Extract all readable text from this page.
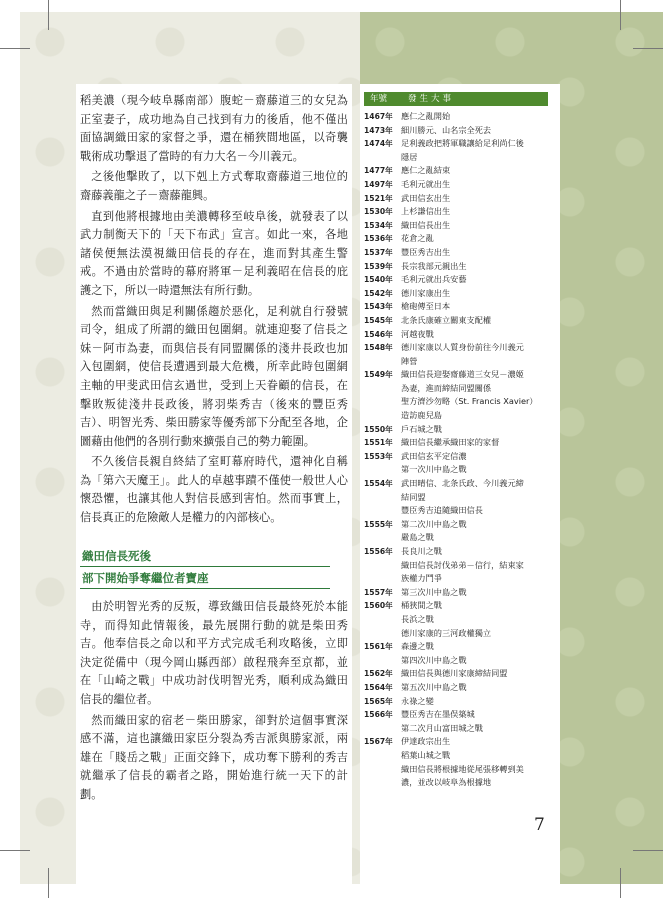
稻美濃（現今岐阜縣南部）腹蛇－齋藤道三的女兒為正室妻子，成功地為自己找到有力的後盾，他不僅出面協調織田家的家督之爭，還在桶狹間地區，以奇襲戰術成功擊退了當時的有力大名－今川義元。

之後他擊敗了，以下剋上方式奪取齋藤道三地位的齋藤義龍之子－齋藤龍興。

直到他將根據地由美濃轉移至岐阜後，就發表了以武力制衡天下的「天下布武」宣言。如此一來，各地諸侯便無法漠視織田信長的存在，進而對其產生警戒。不過由於當時的幕府將軍－足利義昭在信長的庇護之下，所以一時還無法有所行動。

然而當織田與足利關係趨於惡化，足利就自行發號司令，組成了所謂的織田包圍網。就連迎娶了信長之妹－阿市為妻，而與信長有同盟關係的淺井長政也加入包圍網，使信長遭遇到最大危機，所幸此時包圍網主軸的甲斐武田信玄過世，受到上天眷顧的信長，在擊敗叛徒淺井長政後，將羽柴秀吉（後來的豐臣秀吉）、明智光秀、柴田勝家等優秀部下分配至各地，企圖藉由他們的各別行動來擴張自己的勢力範圍。

不久後信長親自終結了室町幕府時代，還神化自稱為「第六天魔王」。此人的卓越事蹟不僅使一般世人心懷恐懼，也讓其他人對信長感到害怕。然而事實上，信長真正的危險敵人是權力的內部核心。

織田信長死後
部下開始爭奪繼位者寶座

由於明智光秀的反叛，導致織田信長最終死於本能寺，而得知此情報後，最先展開行動的就是柴田秀吉。他奉信長之命以和平方式完成毛利攻略後，立即決定從備中（現今岡山縣西部）啟程飛奔至京都，並在「山崎之戰」中成功討伐明智光秀，順利成為織田信長的繼位者。

然而織田家的宿老－柴田勝家，卻對於這個事實深感不滿，這也讓織田家臣分裂為秀吉派與勝家派，兩雄在「賤岳之戰」正面交鋒下，成功奪下勝利的秀吉就繼承了信長的霸者之路，開始進行統一天下的計劃。

年號 發生大事
1467年	應仁之亂開始
1473年	細川勝元、山名宗全死去
1474年	足利義政把將軍職讓給足利尚仁後
隱居
1477年	應仁之亂結束
1497年	毛利元就出生
1521年	武田信玄出生
1530年	上杉謙信出生
1534年	織田信長出生
1536年	花倉之亂
1537年	豐臣秀吉出生
1539年	長宗我部元親出生
1540年	毛利元就出兵安藝
1542年	德川家康出生
1543年	槍砲傳至日本
1545年	北条氏康確立關東支配權
1546年	河越夜戰
1548年	德川家康以人質身份前往今川義元
陣營
1549年	織田信長迎娶齋藤道三女兒－濃姬
為妻，進而締結同盟關係
聖方濟沙勿略（St. Francis Xavier）
造訪鹿兒島
1550年	戶石城之戰
1551年	織田信長繼承織田家的家督
1553年	武田信玄平定信濃
第一次川中島之戰
1554年	武田晴信、北条氏政、今川義元締
結同盟
豐臣秀吉追隨織田信長
1555年	第二次川中島之戰
嚴島之戰
1556年	長良川之戰
織田信長討伐弟弟－信行，結束家
族權力鬥爭
1557年	第三次川中島之戰
1560年	桶狹間之戰
長浜之戰
德川家康的三河政權獨立
1561年	森邊之戰
第四次川中島之戰
1562年	織田信長與德川家康締結同盟
1564年	第五次川中島之戰
1565年	永祿之變
1566年	豐臣秀吉在墨俣築城
第二次月山富田城之戰
1567年	伊達政宗出生
稻葉山城之戰
織田信長將根據地從尾張移轉到美
濃，並改以岐阜為根據地
7
